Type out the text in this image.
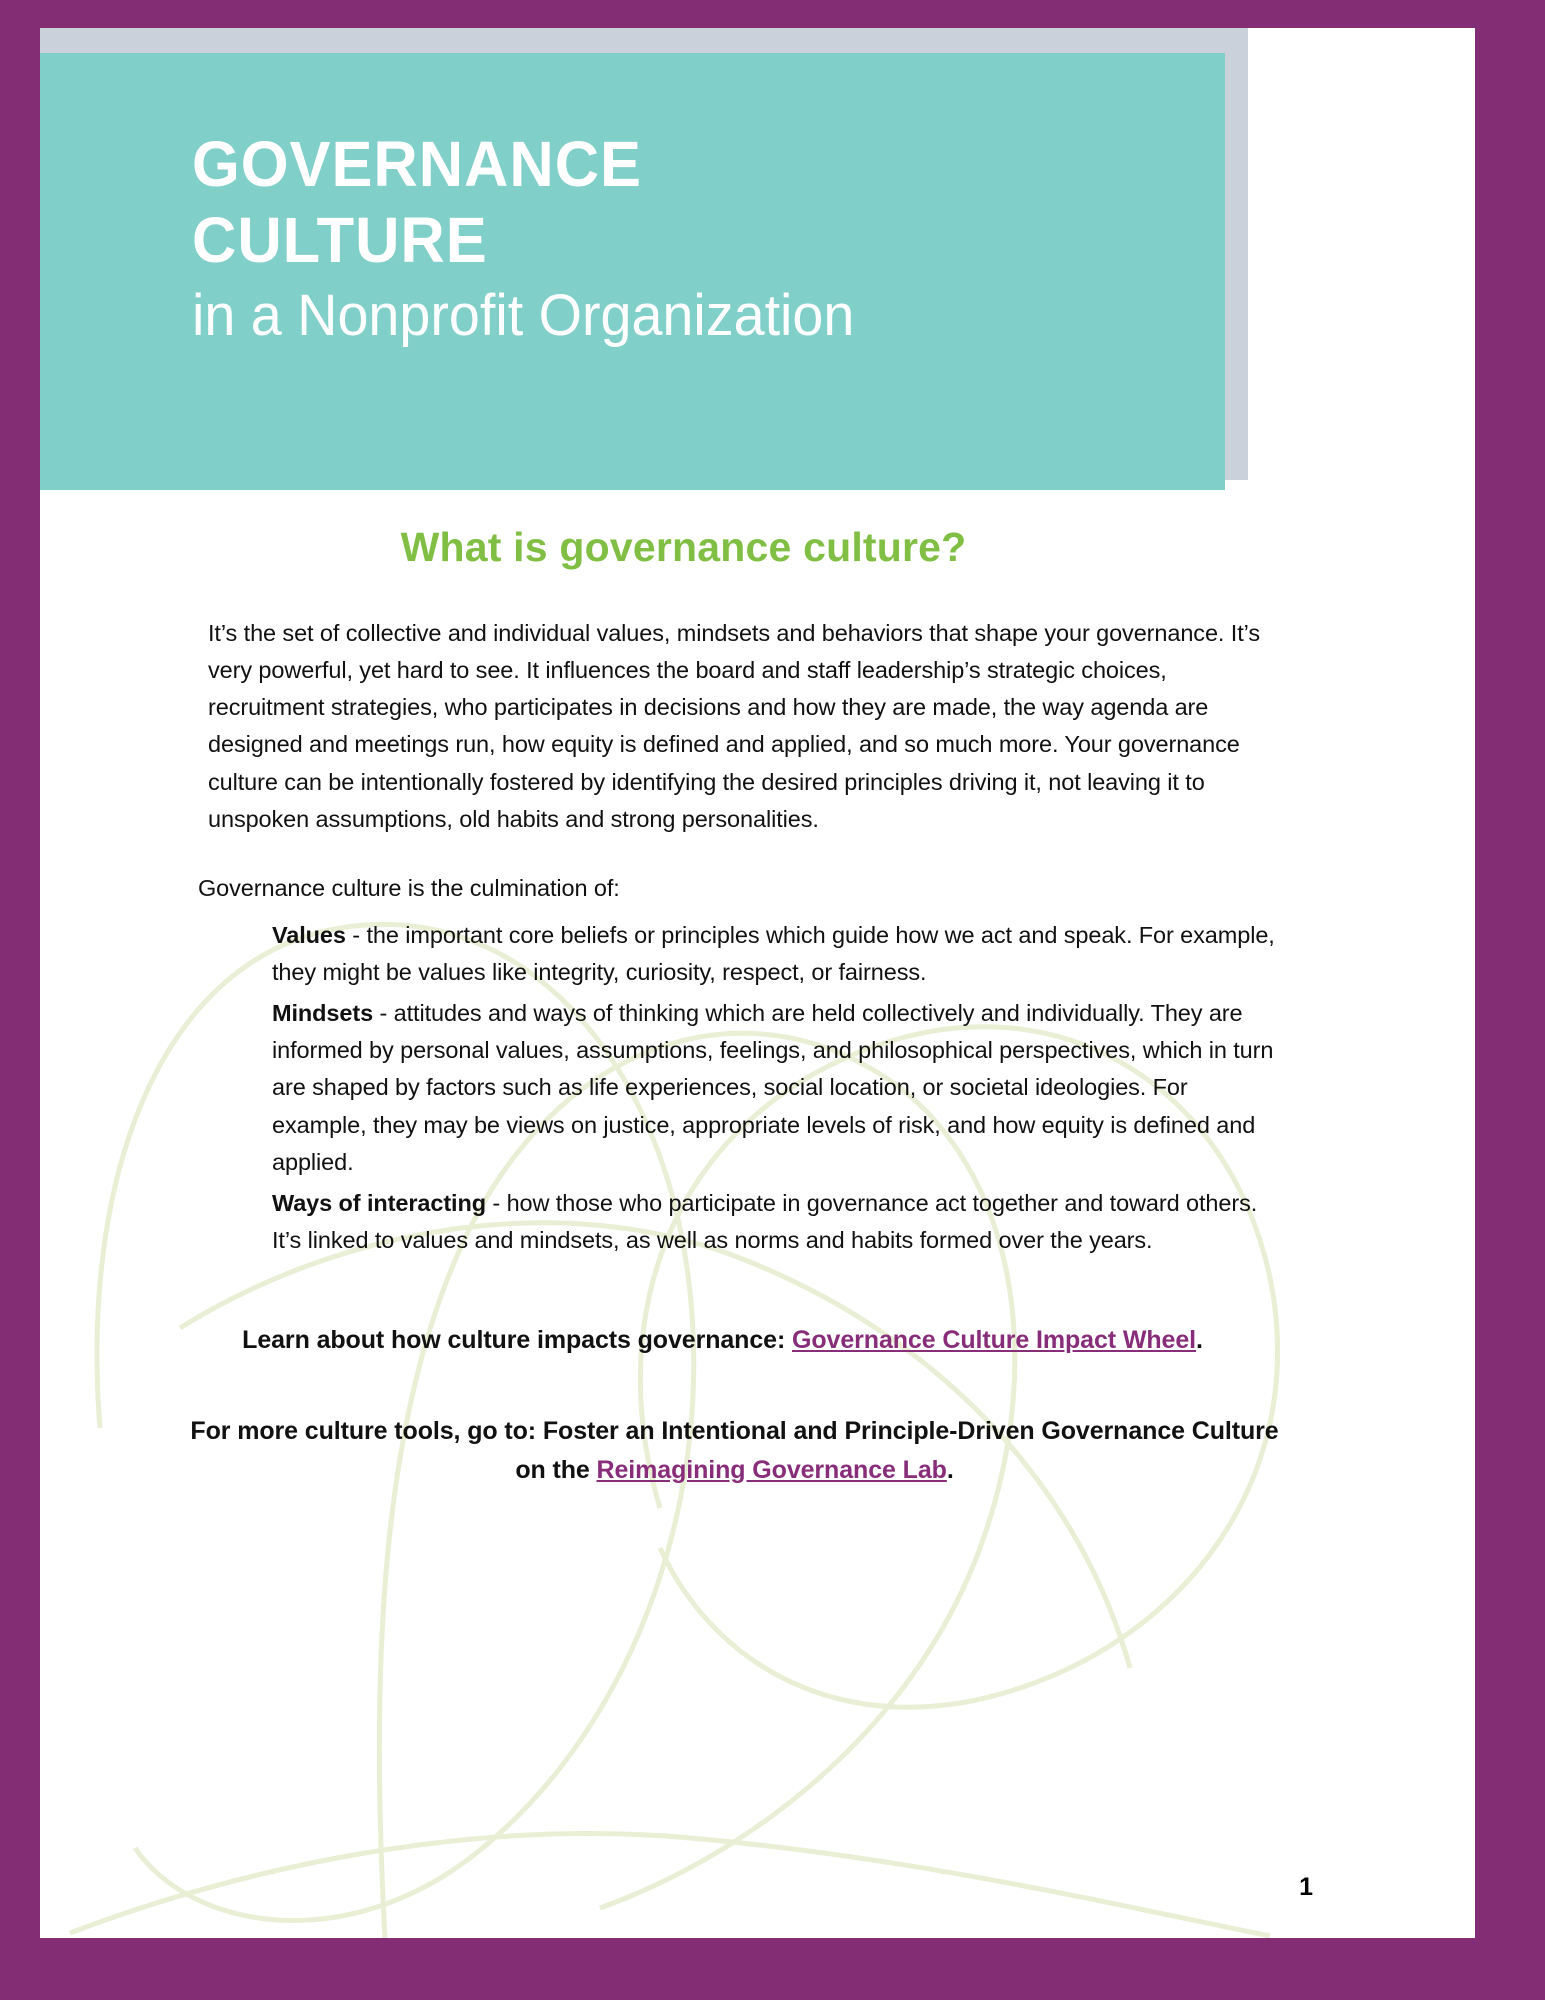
GOVERNANCE
CULTURE
in a Nonprofit Organization
What is governance culture?

It’s the set of collective and individual values, mindsets and behaviors that shape your governance. It’s very powerful, yet hard to see. It influences the board and staff leadership’s strategic choices, recruitment strategies, who participates in decisions and how they are made, the way agenda are designed and meetings run, how equity is defined and applied, and so much more. Your governance culture can be intentionally fostered by identifying the desired principles driving it, not leaving it to unspoken assumptions, old habits and strong personalities.

Governance culture is the culmination of:

Values - the important core beliefs or principles which guide how we act and speak. For example, they might be values like integrity, curiosity, respect, or fairness.
Mindsets - attitudes and ways of thinking which are held collectively and individually. They are informed by personal values, assumptions, feelings, and philosophical perspectives, which in turn are shaped by factors such as life experiences, social location, or societal ideologies. For example, they may be views on justice, appropriate levels of risk, and how equity is defined and applied.
Ways of interacting - how those who participate in governance act together and toward others. It’s linked to values and mindsets, as well as norms and habits formed over the years.

Learn about how culture impacts governance: Governance Culture Impact Wheel.

For more culture tools, go to: Foster an Intentional and Principle-Driven Governance Culture on the Reimagining Governance Lab.

1
